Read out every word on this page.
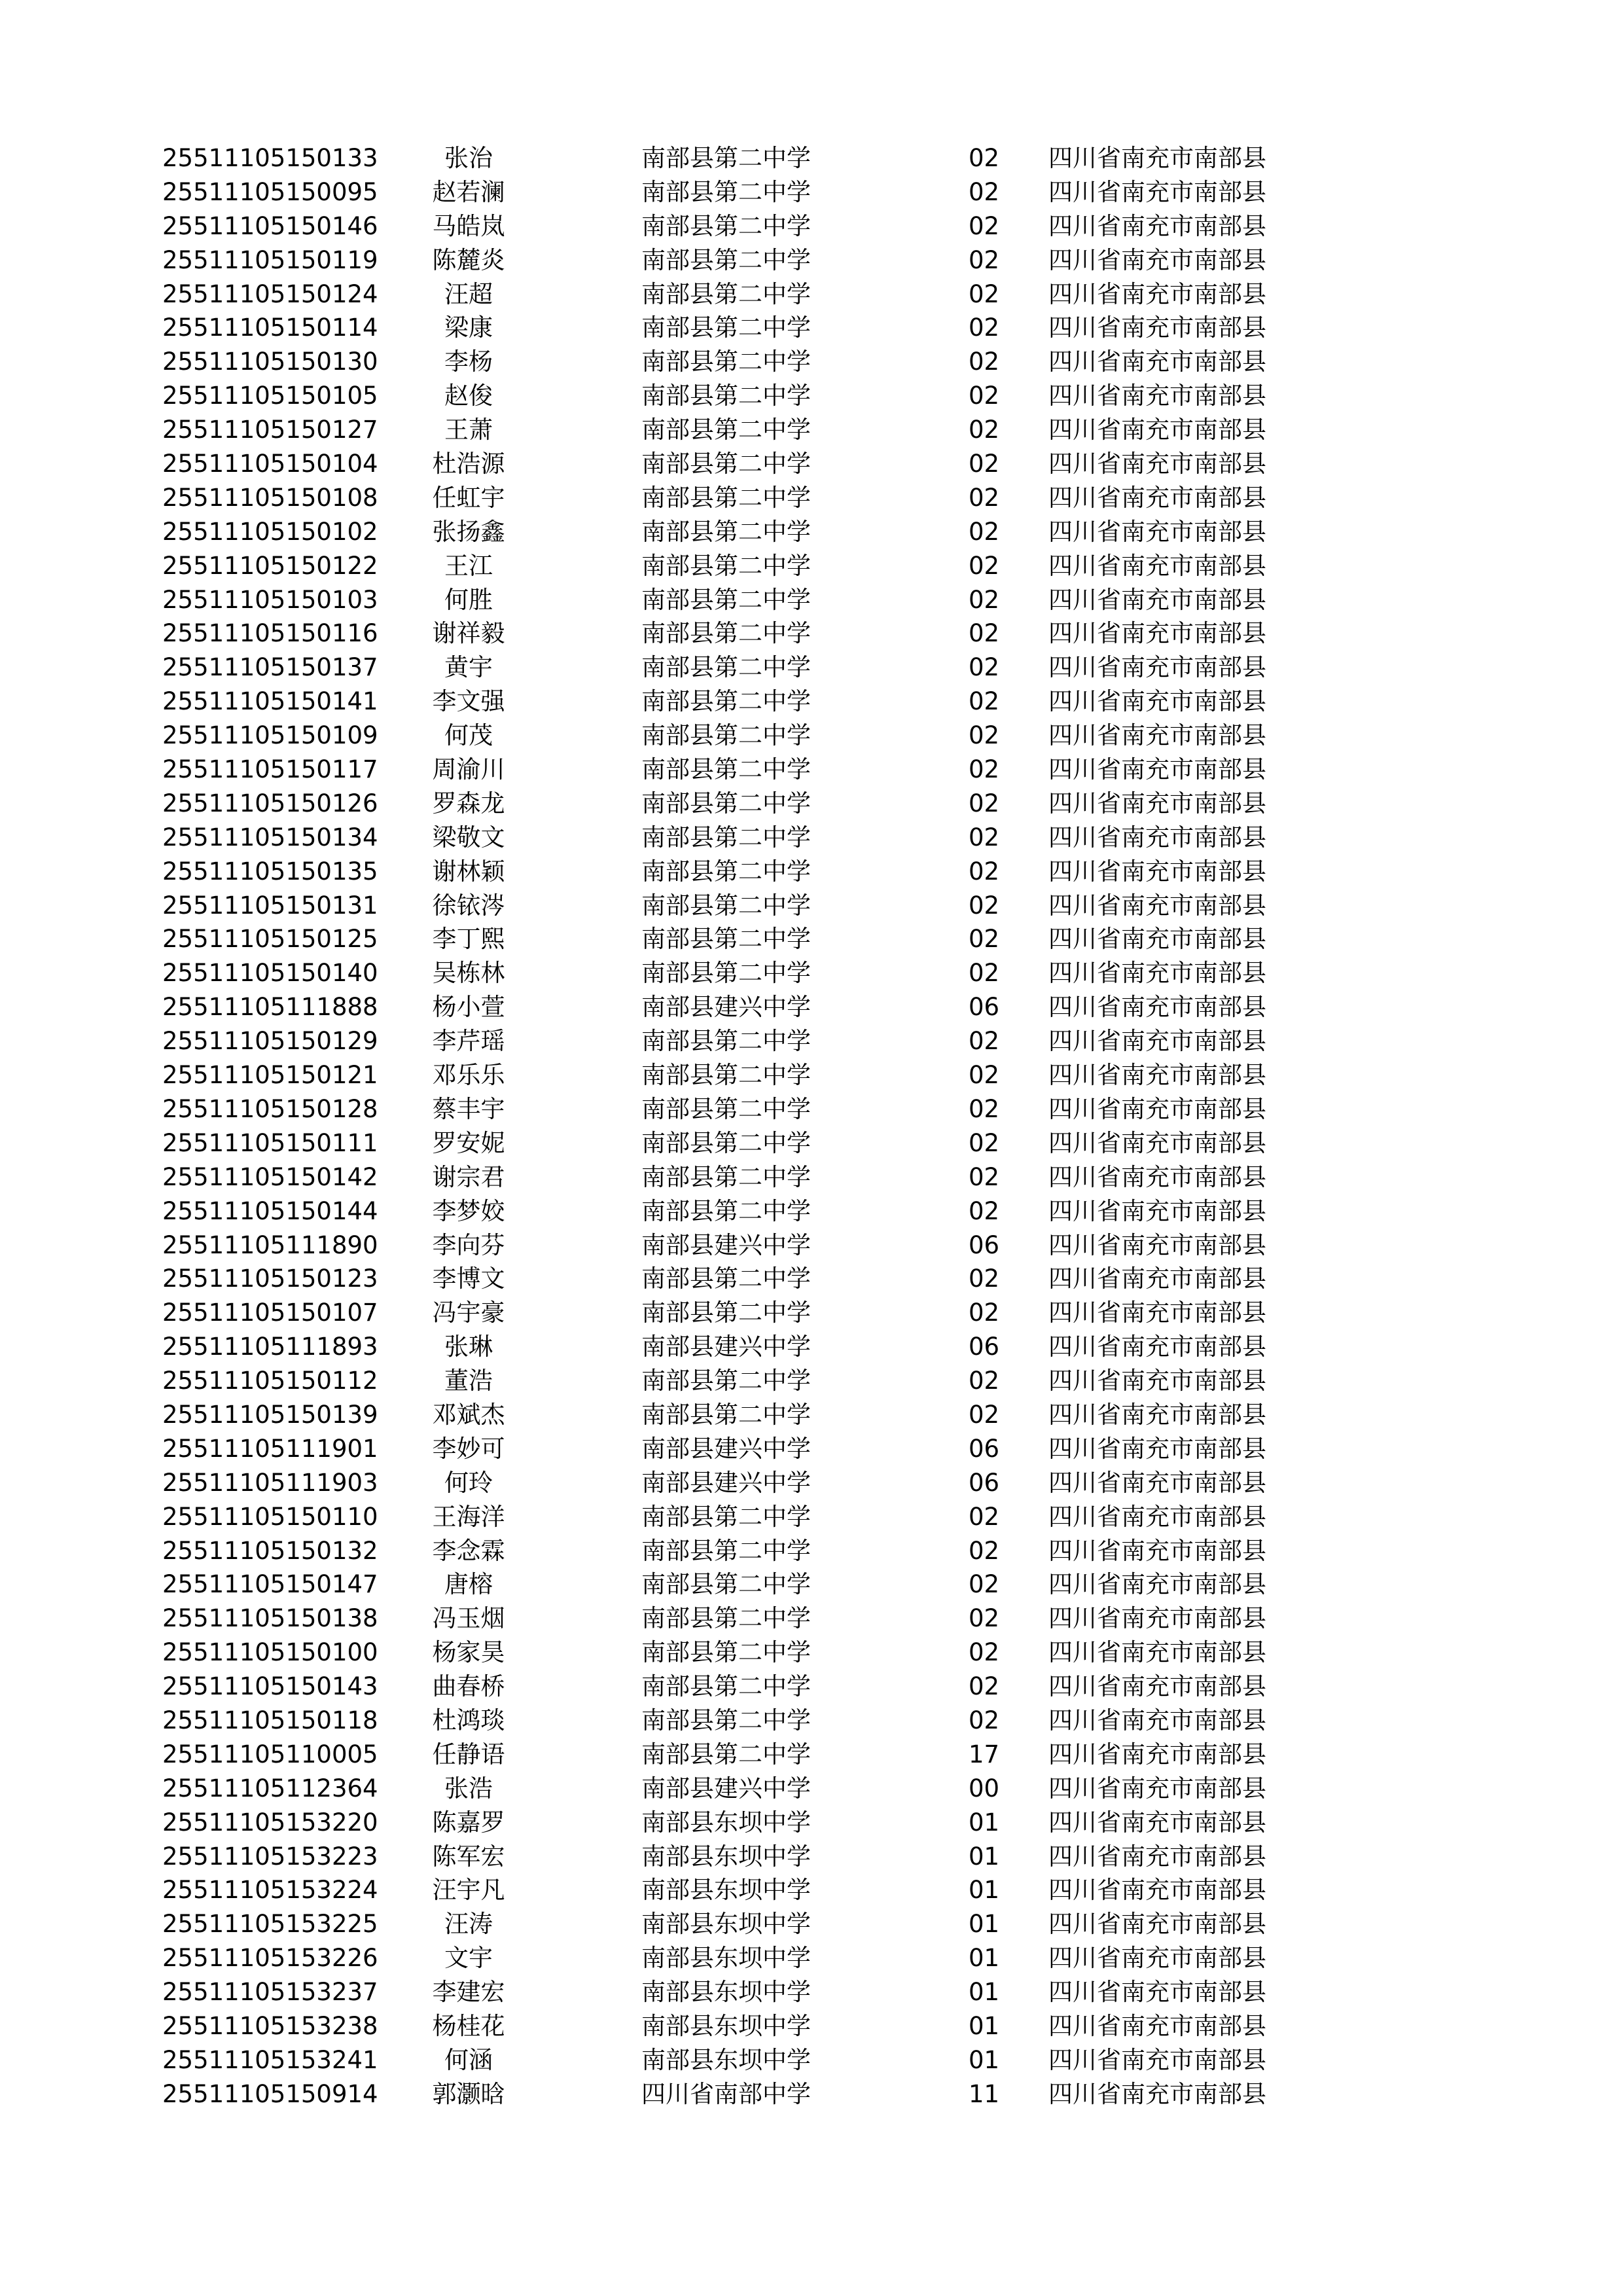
25511105150133	张治	南部县第二中学	02	四川省南充市南部县
25511105150095	赵若澜	南部县第二中学	02	四川省南充市南部县
25511105150146	马皓岚	南部县第二中学	02	四川省南充市南部县
25511105150119	陈麓炎	南部县第二中学	02	四川省南充市南部县
25511105150124	汪超	南部县第二中学	02	四川省南充市南部县
25511105150114	梁康	南部县第二中学	02	四川省南充市南部县
25511105150130	李杨	南部县第二中学	02	四川省南充市南部县
25511105150105	赵俊	南部县第二中学	02	四川省南充市南部县
25511105150127	王萧	南部县第二中学	02	四川省南充市南部县
25511105150104	杜浩源	南部县第二中学	02	四川省南充市南部县
25511105150108	任虹宇	南部县第二中学	02	四川省南充市南部县
25511105150102	张扬鑫	南部县第二中学	02	四川省南充市南部县
25511105150122	王江	南部县第二中学	02	四川省南充市南部县
25511105150103	何胜	南部县第二中学	02	四川省南充市南部县
25511105150116	谢祥毅	南部县第二中学	02	四川省南充市南部县
25511105150137	黄宇	南部县第二中学	02	四川省南充市南部县
25511105150141	李文强	南部县第二中学	02	四川省南充市南部县
25511105150109	何茂	南部县第二中学	02	四川省南充市南部县
25511105150117	周渝川	南部县第二中学	02	四川省南充市南部县
25511105150126	罗森龙	南部县第二中学	02	四川省南充市南部县
25511105150134	梁敬文	南部县第二中学	02	四川省南充市南部县
25511105150135	谢林颖	南部县第二中学	02	四川省南充市南部县
25511105150131	徐铱涔	南部县第二中学	02	四川省南充市南部县
25511105150125	李丁熙	南部县第二中学	02	四川省南充市南部县
25511105150140	吴栋林	南部县第二中学	02	四川省南充市南部县
25511105111888	杨小萱	南部县建兴中学	06	四川省南充市南部县
25511105150129	李芹瑶	南部县第二中学	02	四川省南充市南部县
25511105150121	邓乐乐	南部县第二中学	02	四川省南充市南部县
25511105150128	蔡丰宇	南部县第二中学	02	四川省南充市南部县
25511105150111	罗安妮	南部县第二中学	02	四川省南充市南部县
25511105150142	谢宗君	南部县第二中学	02	四川省南充市南部县
25511105150144	李梦姣	南部县第二中学	02	四川省南充市南部县
25511105111890	李向芬	南部县建兴中学	06	四川省南充市南部县
25511105150123	李博文	南部县第二中学	02	四川省南充市南部县
25511105150107	冯宇豪	南部县第二中学	02	四川省南充市南部县
25511105111893	张琳	南部县建兴中学	06	四川省南充市南部县
25511105150112	董浩	南部县第二中学	02	四川省南充市南部县
25511105150139	邓斌杰	南部县第二中学	02	四川省南充市南部县
25511105111901	李妙可	南部县建兴中学	06	四川省南充市南部县
25511105111903	何玲	南部县建兴中学	06	四川省南充市南部县
25511105150110	王海洋	南部县第二中学	02	四川省南充市南部县
25511105150132	李念霖	南部县第二中学	02	四川省南充市南部县
25511105150147	唐榕	南部县第二中学	02	四川省南充市南部县
25511105150138	冯玉烟	南部县第二中学	02	四川省南充市南部县
25511105150100	杨家昊	南部县第二中学	02	四川省南充市南部县
25511105150143	曲春桥	南部县第二中学	02	四川省南充市南部县
25511105150118	杜鸿琰	南部县第二中学	02	四川省南充市南部县
25511105110005	任静语	南部县第二中学	17	四川省南充市南部县
25511105112364	张浩	南部县建兴中学	00	四川省南充市南部县
25511105153220	陈嘉罗	南部县东坝中学	01	四川省南充市南部县
25511105153223	陈军宏	南部县东坝中学	01	四川省南充市南部县
25511105153224	汪宇凡	南部县东坝中学	01	四川省南充市南部县
25511105153225	汪涛	南部县东坝中学	01	四川省南充市南部县
25511105153226	文宇	南部县东坝中学	01	四川省南充市南部县
25511105153237	李建宏	南部县东坝中学	01	四川省南充市南部县
25511105153238	杨桂花	南部县东坝中学	01	四川省南充市南部县
25511105153241	何涵	南部县东坝中学	01	四川省南充市南部县
25511105150914	郭灏晗	四川省南部中学	11	四川省南充市南部县
